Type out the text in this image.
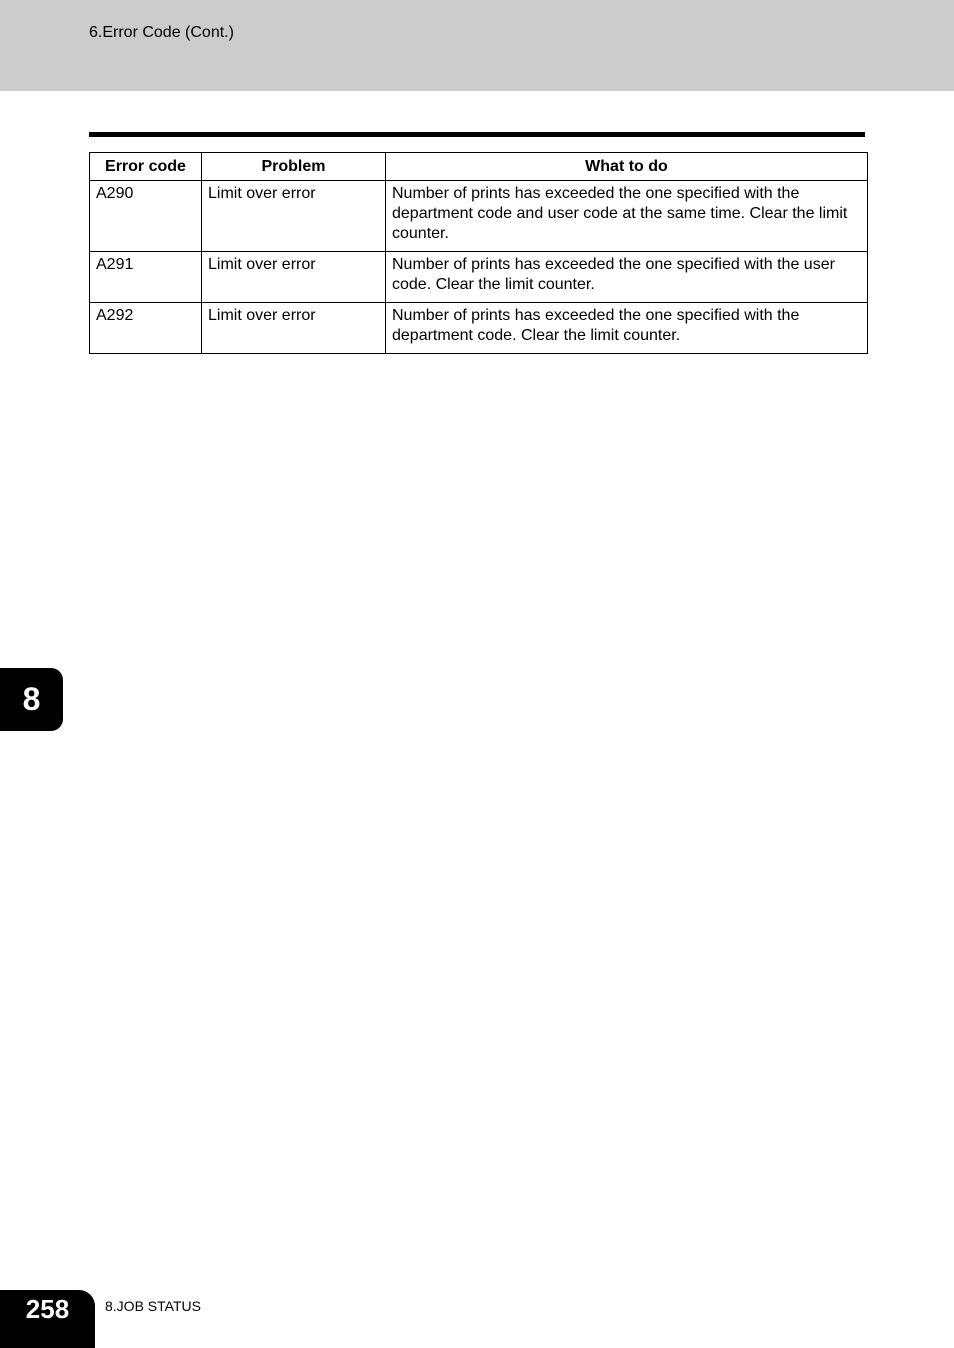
6.Error Code (Cont.)
Error code	Problem	What to do
A290	Limit over error	Number of prints has exceeded the one specified with the department code and user code at the same time. Clear the limit counter.
A291	Limit over error	Number of prints has exceeded the one specified with the user code. Clear the limit counter.
A292	Limit over error	Number of prints has exceeded the one specified with the department code. Clear the limit counter.
8
258	8.JOB STATUS
